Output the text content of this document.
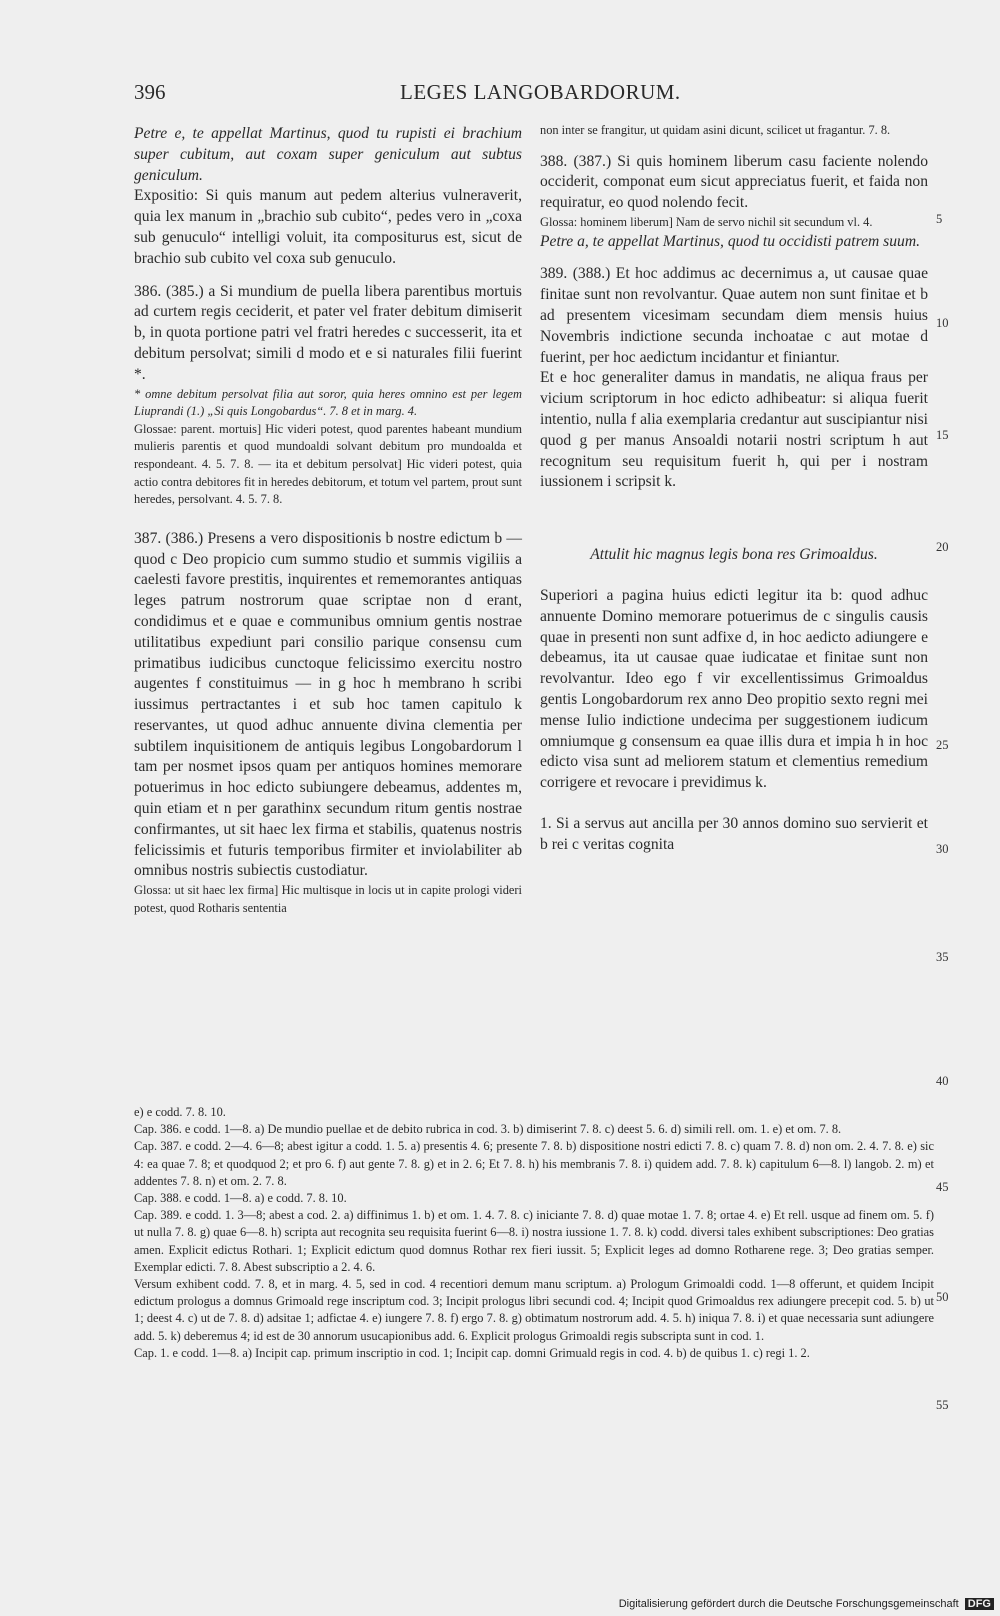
396	LEGES LANGOBARDORUM.

Petre e, te appellat Martinus, quod tu rupisti ei brachium super cubitum, aut coxam super geniculum aut subtus geniculum.

Expositio: Si quis manum aut pedem alterius vulneraverit, quia lex manum in „brachio sub cubito“, pedes vero in „coxa sub genuculo“ intelligi voluit, ita compositurus est, sicut de brachio sub cubito vel coxa sub genuculo.

386. (385.) a Si mundium de puella libera parentibus mortuis ad curtem regis ceciderit, et pater vel frater debitum dimiserit b, in quota portione patri vel fratri heredes c successerit, ita et debitum persolvat; simili d modo et e si naturales filii fuerint *.

* omne debitum persolvat filia aut soror, quia heres omnino est per legem Liuprandi (1.) „Si quis Longobardus“. 7. 8 et in marg. 4.

Glossae: parent. mortuis] Hic videri potest, quod parentes habeant mundium mulieris parentis et quod mundoaldi solvant debitum pro mundoalda et respondeant. 4. 5. 7. 8. — ita et debitum persolvat] Hic videri potest, quia actio contra debitores fit in heredes debitorum, et totum vel partem, prout sunt heredes, persolvant. 4. 5. 7. 8.

387. (386.) Presens a vero dispositionis b nostre edictum b — quod c Deo propicio cum summo studio et summis vigiliis a caelesti favore prestitis, inquirentes et rememorantes antiquas leges patrum nostrorum quae scriptae non d erant, condidimus et e quae e communibus omnium gentis nostrae utilitatibus expediunt pari consilio parique consensu cum primatibus iudicibus cunctoque felicissimo exercitu nostro augentes f constituimus — in g hoc h membrano h scribi iussimus pertractantes i et sub hoc tamen capitulo k reservantes, ut quod adhuc annuente divina clementia per subtilem inquisitionem de antiquis legibus Longobardorum l tam per nosmet ipsos quam per antiquos homines memorare potuerimus in hoc edicto subiungere debeamus, addentes m, quin etiam et n per garathinx secundum ritum gentis nostrae confirmantes, ut sit haec lex firma et stabilis, quatenus nostris felicissimis et futuris temporibus firmiter et inviolabiliter ab omnibus nostris subiectis custodiatur.

Glossa: ut sit haec lex firma] Hic multisque in locis ut in capite prologi videri potest, quod Rotharis sententia

non inter se frangitur, ut quidam asini dicunt, scilicet ut fragantur. 7. 8.

388. (387.) Si quis hominem liberum casu faciente nolendo occiderit, componat eum sicut appreciatus fuerit, et faida non requiratur, eo quod nolendo fecit.

Glossa: hominem liberum] Nam de servo nichil sit secundum vl. 4.

Petre a, te appellat Martinus, quod tu occidisti patrem suum.

389. (388.) Et hoc addimus ac decernimus a, ut causae quae finitae sunt non revolvantur. Quae autem non sunt finitae et b ad presentem vicesimam secundam diem mensis huius Novembris indictione secunda inchoatae c aut motae d fuerint, per hoc aedictum incidantur et finiantur.

Et e hoc generaliter damus in mandatis, ne aliqua fraus per vicium scriptorum in hoc edicto adhibeatur: si aliqua fuerit intentio, nulla f alia exemplaria credantur aut suscipiantur nisi quod g per manus Ansoaldi notarii nostri scriptum h aut recognitum seu requisitum fuerit h, qui per i nostram iussionem i scripsit k.

Attulit hic magnus legis bona res Grimoaldus.

Superiori a pagina huius edicti legitur ita b: quod adhuc annuente Domino memorare potuerimus de c singulis causis quae in presenti non sunt adfixe d, in hoc aedicto adiungere e debeamus, ita ut causae quae iudicatae et finitae sunt non revolvantur. Ideo ego f vir excellentissimus Grimoaldus gentis Longobardorum rex anno Deo propitio sexto regni mei mense Iulio indictione undecima per suggestionem iudicum omniumque g consensum ea quae illis dura et impia h in hoc edicto visa sunt ad meliorem statum et clementius remedium corrigere et revocare i previdimus k.

1. Si a servus aut ancilla per 30 annos domino suo servierit et b rei c veritas cognita

5
10
15
20
25
30
35
40
45
50
55

e) e codd. 7. 8. 10.

Cap. 386. e codd. 1—8. a) De mundio puellae et de debito rubrica in cod. 3. b) dimiserint 7. 8. c) deest 5. 6. d) simili rell. om. 1. e) et om. 7. 8.

Cap. 387. e codd. 2—4. 6—8; abest igitur a codd. 1. 5. a) presentis 4. 6; presente 7. 8. b) dispositione nostri edicti 7. 8. c) quam 7. 8. d) non om. 2. 4. 7. 8. e) sic 4: ea quae 7. 8; et quodquod 2; et pro 6. f) aut gente 7. 8. g) et in 2. 6; Et 7. 8. h) his membranis 7. 8. i) quidem add. 7. 8. k) capitulum 6—8. l) langob. 2. m) et addentes 7. 8. n) et om. 2. 7. 8.

Cap. 388. e codd. 1—8. a) e codd. 7. 8. 10.

Cap. 389. e codd. 1. 3—8; abest a cod. 2. a) diffinimus 1. b) et om. 1. 4. 7. 8. c) iniciante 7. 8. d) quae motae 1. 7. 8; ortae 4. e) Et rell. usque ad finem om. 5. f) ut nulla 7. 8. g) quae 6—8. h) scripta aut recognita seu requisita fuerint 6—8. i) nostra iussione 1. 7. 8. k) codd. diversi tales exhibent subscriptiones: Deo gratias amen. Explicit edictus Rothari. 1; Explicit edictum quod domnus Rothar rex fieri iussit. 5; Explicit leges ad domno Rotharene rege. 3; Deo gratias semper. Exemplar edicti. 7. 8. Abest subscriptio a 2. 4. 6.

Versum exhibent codd. 7. 8, et in marg. 4. 5, sed in cod. 4 recentiori demum manu scriptum. a) Prologum Grimoaldi codd. 1—8 offerunt, et quidem Incipit edictum prologus a domnus Grimoald rege inscriptum cod. 3; Incipit prologus libri secundi cod. 4; Incipit quod Grimoaldus rex adiungere precepit cod. 5. b) ut 1; deest 4. c) ut de 7. 8. d) adsitae 1; adfictae 4. e) iungere 7. 8. f) ergo 7. 8. g) obtimatum nostrorum add. 4. 5. h) iniqua 7. 8. i) et quae necessaria sunt adiungere add. 5. k) deberemus 4; id est de 30 annorum usucapionibus add. 6. Explicit prologus Grimoaldi regis subscripta sunt in cod. 1.

Cap. 1. e codd. 1—8. a) Incipit cap. primum inscriptio in cod. 1; Incipit cap. domni Grimuald regis in cod. 4. b) de quibus 1. c) regi 1. 2.

Digitalisierung gefördert durch die Deutsche Forschungsgemeinschaft DFG
